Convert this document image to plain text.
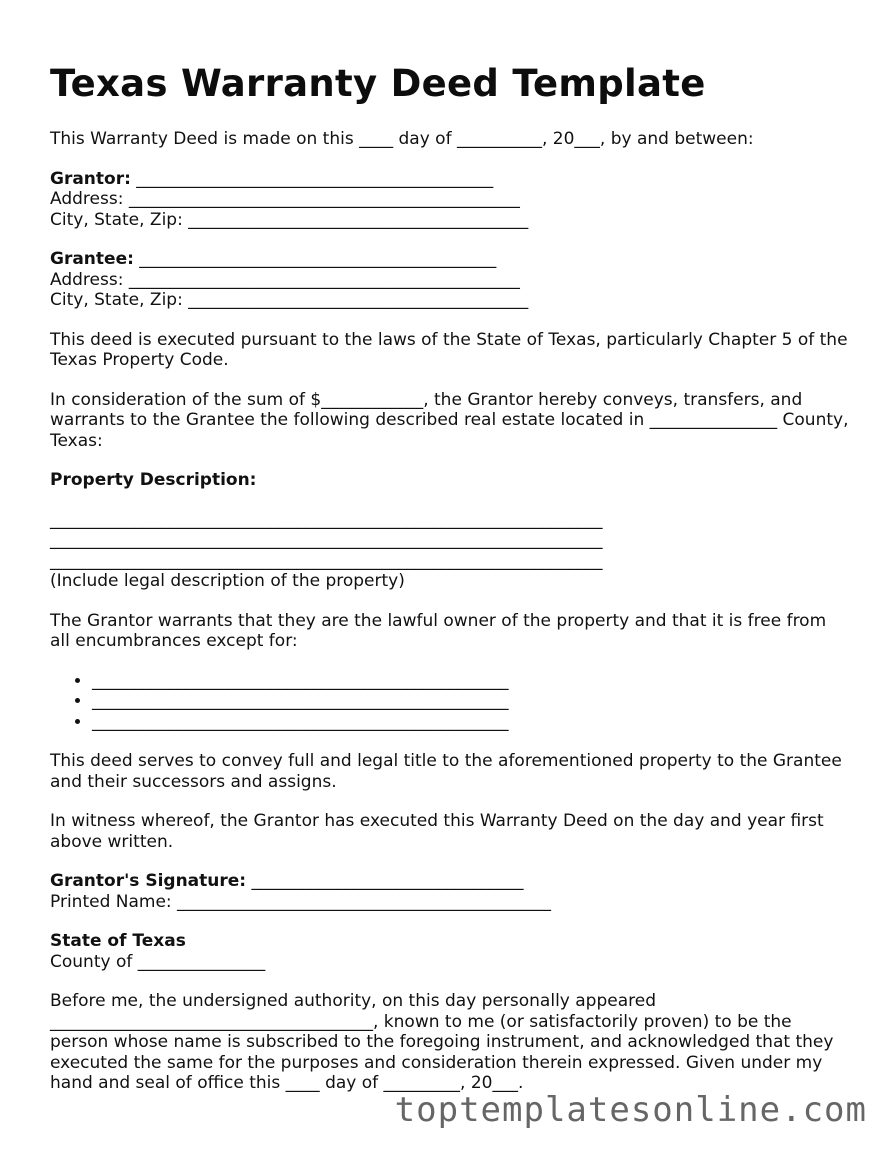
Texas Warranty Deed Template
This Warranty Deed is made on this ____ day of __________, 20___, by and between:
Grantor: __________________________________________
Address: ______________________________________________
City, State, Zip: ________________________________________
Grantee: __________________________________________
Address: ______________________________________________
City, State, Zip: ________________________________________
This deed is executed pursuant to the laws of the State of Texas, particularly Chapter 5 of the Texas Property Code.
In consideration of the sum of $____________, the Grantor hereby conveys, transfers, and warrants to the Grantee the following described real estate located in _______________ County, Texas:
Property Description:
_________________________________________________________________
_________________________________________________________________
_________________________________________________________________
(Include legal description of the property)
The Grantor warrants that they are the lawful owner of the property and that it is free from all encumbrances except for:
• _________________________________________________
• _________________________________________________
• _________________________________________________
This deed serves to convey full and legal title to the aforementioned property to the Grantee and their successors and assigns.
In witness whereof, the Grantor has executed this Warranty Deed on the day and year first above written.
Grantor's Signature: ________________________________
Printed Name: ____________________________________________
State of Texas
County of _______________
Before me, the undersigned authority, on this day personally appeared ______________________________________, known to me (or satisfactorily proven) to be the person whose name is subscribed to the foregoing instrument, and acknowledged that they executed the same for the purposes and consideration therein expressed. Given under my hand and seal of office this ____ day of _________, 20___.
toptemplatesonline.com
